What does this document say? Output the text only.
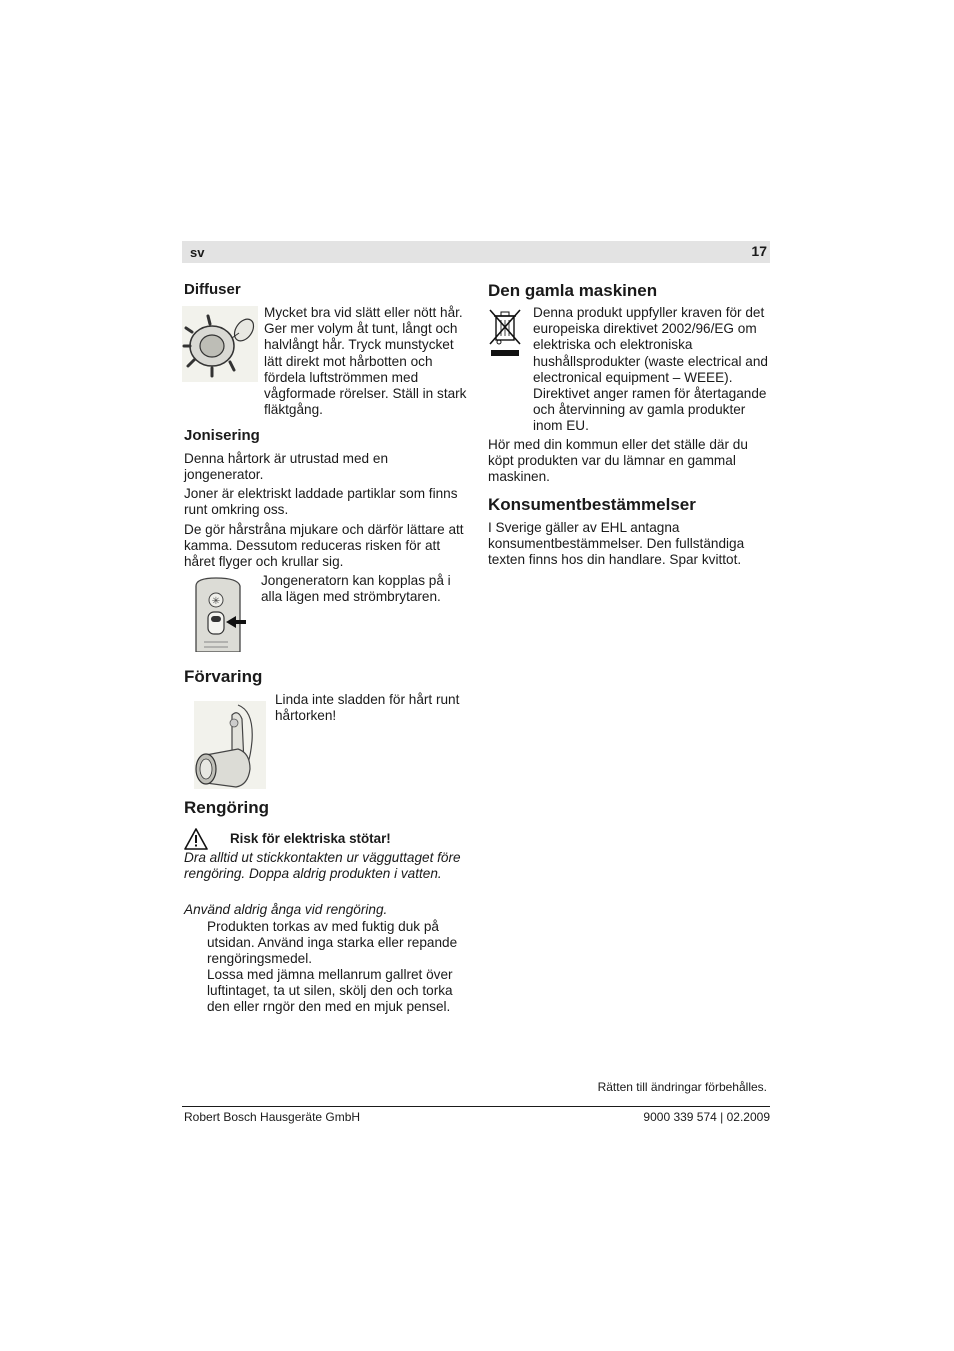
sv	17
Diffuser
Mycket bra vid slätt eller nött hår. Ger mer volym åt tunt, långt och halvlångt hår. Tryck munstycket lätt direkt mot hårbotten och fördela luftströmmen med vågformade rörelser. Ställ in stark fläktgång.
Jonisering
Denna hårtork är utrustad med en jongenerator.
Joner är elektriskt laddade partiklar som finns runt omkring oss.
De gör hårstråna mjukare och därför lättare att kamma. Dessutom reduceras risken för att håret flyger och krullar sig.
✳
Jongeneratorn kan kopplas på i alla lägen med strömbrytaren.
Förvaring
Linda inte sladden för hårt runt hårtorken!
Rengöring
Risk för elektriska stötar!
Dra alltid ut stickkontakten ur vägguttaget före rengöring. Doppa aldrig produkten i vatten.
Använd aldrig ånga vid rengöring.
Produkten torkas av med fuktig duk på utsidan. Använd inga starka eller repande rengöringsmedel.
Lossa med jämna mellanrum gallret över luftintaget, ta ut silen, skölj den och torka den eller rngör den med en mjuk pensel.
Den gamla maskinen
Denna produkt uppfyller kraven för det europeiska direktivet 2002/96/EG om elektriska och elektroniska hushållsprodukter (waste electrical and electronical equipment – WEEE). Direktivet anger ramen för återtagande och återvinning av gamla produkter inom EU.
Hör med din kommun eller det ställe där du köpt produkten var du lämnar en gammal maskinen.
Konsumentbestämmelser
I Sverige gäller av EHL antagna konsumentbestämmelser. Den fullständiga texten finns hos din handlare. Spar kvittot.
Rätten till ändringar förbehålles.
Robert Bosch Hausgeräte GmbH	9000 339 574 | 02.2009
